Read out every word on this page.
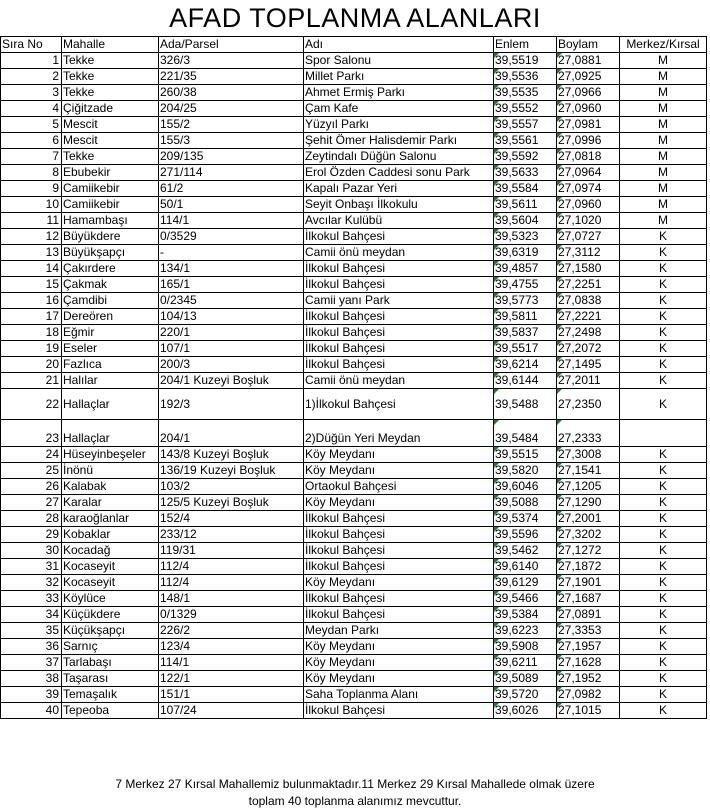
AFAD TOPLANMA ALANLARI
Sıra No	Mahalle	Ada/Parsel	Adı	Enlem	Boylam	Merkez/Kırsal
1	Tekke	326/3	Spor Salonu	39,5519	27,0881	M
2	Tekke	221/35	Millet Parkı	39,5536	27,0925	M
3	Tekke	260/38	Ahmet Ermiş Parkı	39,5535	27,0966	M
4	Çiğitzade	204/25	Çam Kafe	39,5552	27,0960	M
5	Mescit	155/2	Yüzyıl Parkı	39,5557	27,0981	M
6	Mescit	155/3	Şehit Ömer Halisdemir Parkı	39,5561	27,0996	M
7	Tekke	209/135	Zeytindalı Düğün Salonu	39,5592	27,0818	M
8	Ebubekir	271/114	Erol Özden Caddesi sonu Park	39,5633	27,0964	M
9	Camiikebir	61/2	Kapalı Pazar Yeri	39,5584	27,0974	M
10	Camiikebir	50/1	Seyit Onbaşı İlkokulu	39,5611	27,0960	M
11	Hamambaşı	114/1	Avcılar Kulübü	39,5604	27,1020	M
12	Büyükdere	0/3529	İlkokul Bahçesi	39,5323	27,0727	K
13	Büyükşapçı	-	Camii önü meydan	39,6319	27,3112	K
14	Çakırdere	134/1	İlkokul Bahçesi	39,4857	27,1580	K
15	Çakmak	165/1	İlkokul Bahçesi	39,4755	27,2251	K
16	Çamdibi	0/2345	Camii yanı Park	39,5773	27,0838	K
17	Dereören	104/13	İlkokul Bahçesi	39,5811	27,2221	K
18	Eğmir	220/1	İlkokul Bahçesi	39,5837	27,2498	K
19	Eseler	107/1	İlkokul Bahçesi	39,5517	27,2072	K
20	Fazlıca	200/3	İlkokul Bahçesi	39,6214	27,1495	K
21	Halılar	204/1 Kuzeyi Boşluk	Camii önü meydan	39,6144	27,2011	K
22	Hallaçlar	192/3	1)İlkokul Bahçesi	39,5488	27,2350	K
23	Hallaçlar	204/1	2)Düğün Yeri Meydan	39,5484	27,2333	
24	Hüseyinbeşeler	143/8 Kuzeyi Boşluk	Köy Meydanı	39,5515	27,3008	K
25	İnönü	136/19 Kuzeyi Boşluk	Köy Meydanı	39,5820	27,1541	K
26	Kalabak	103/2	Ortaokul Bahçesi	39,6046	27,1205	K
27	Karalar	125/5 Kuzeyi Boşluk	Köy Meydanı	39,5088	27,1290	K
28	karaoğlanlar	152/4	İlkokul Bahçesi	39,5374	27,2001	K
29	Kobaklar	233/12	İlkokul Bahçesi	39,5596	27,3202	K
30	Kocadağ	119/31	İlkokul Bahçesi	39,5462	27,1272	K
31	Kocaseyit	112/4	İlkokul Bahçesi	39,6140	27,1872	K
32	Kocaseyit	112/4	Köy Meydanı	39,6129	27,1901	K
33	Köylüce	148/1	İlkokul Bahçesi	39,5466	27,1687	K
34	Küçükdere	0/1329	İlkokul Bahçesi	39,5384	27,0891	K
35	Küçükşapçı	226/2	Meydan Parkı	39,6223	27,3353	K
36	Sarnıç	123/4	Köy Meydanı	39,5908	27,1957	K
37	Tarlabaşı	114/1	Köy Meydanı	39,6211	27,1628	K
38	Taşarası	122/1	Köy Meydanı	39,5089	27,1952	K
39	Temaşalık	151/1	Saha Toplanma Alanı	39,5720	27,0982	K
40	Tepeoba	107/24	İlkokul Bahçesi	39,6026	27,1015	K
7 Merkez 27 Kırsal Mahallemiz bulunmaktadır.11 Merkez 29 Kırsal Mahallede olmak üzere
toplam 40 toplanma alanımız mevcuttur.
